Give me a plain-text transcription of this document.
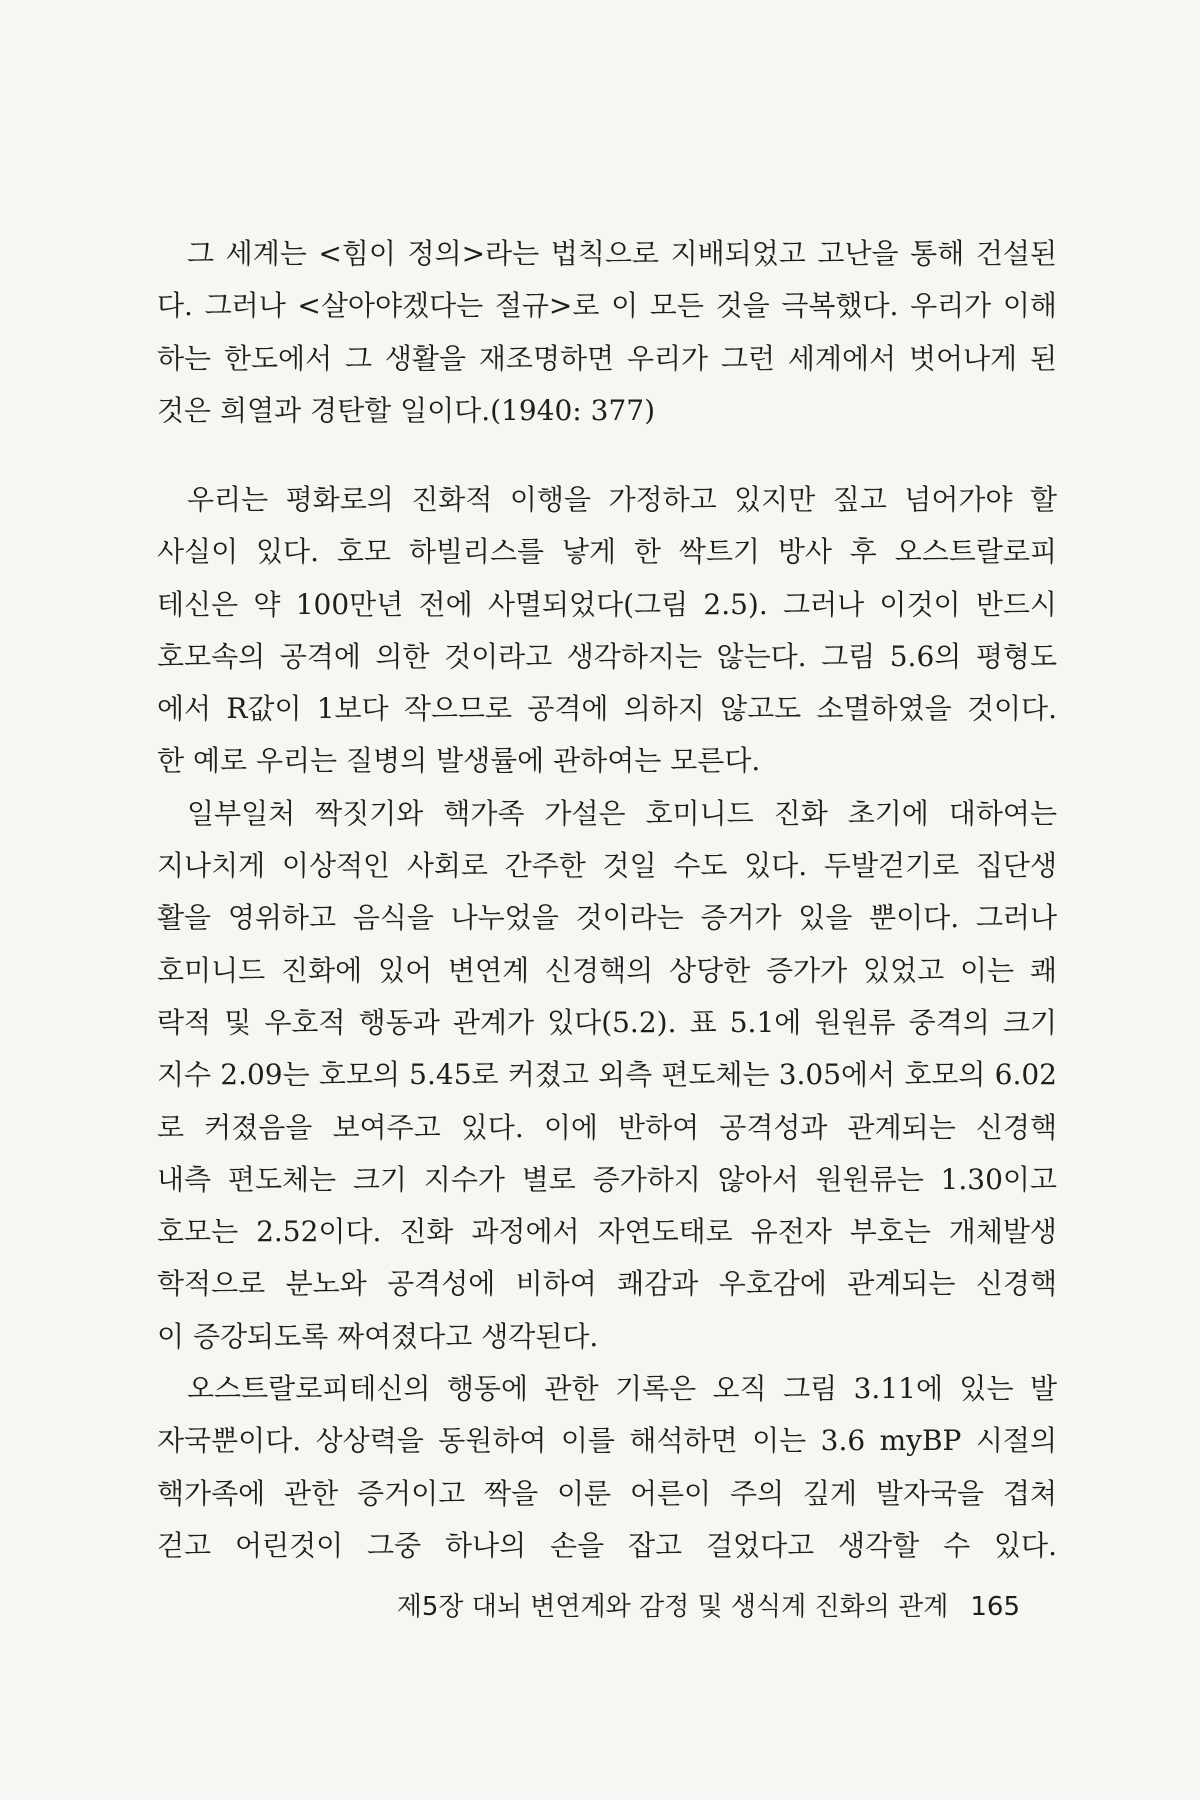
그 세계는 <힘이 정의>라는 법칙으로 지배되었고 고난을 통해 건설된
다. 그러나 <살아야겠다는 절규>로 이 모든 것을 극복했다. 우리가 이해
하는 한도에서 그 생활을 재조명하면 우리가 그런 세계에서 벗어나게 된
것은 희열과 경탄할 일이다.(1940: 377)
우리는 평화로의 진화적 이행을 가정하고 있지만 짚고 넘어가야 할
사실이 있다. 호모 하빌리스를 낳게 한 싹트기 방사 후 오스트랄로피
테신은 약 100만년 전에 사멸되었다(그림 2.5). 그러나 이것이 반드시
호모속의 공격에 의한 것이라고 생각하지는 않는다. 그림 5.6의 평형도
에서 R값이 1보다 작으므로 공격에 의하지 않고도 소멸하였을 것이다.
한 예로 우리는 질병의 발생률에 관하여는 모른다.
일부일처 짝짓기와 핵가족 가설은 호미니드 진화 초기에 대하여는
지나치게 이상적인 사회로 간주한 것일 수도 있다. 두발걷기로 집단생
활을 영위하고 음식을 나누었을 것이라는 증거가 있을 뿐이다. 그러나
호미니드 진화에 있어 변연계 신경핵의 상당한 증가가 있었고 이는 쾌
락적 및 우호적 행동과 관계가 있다(5.2). 표 5.1에 원원류 중격의 크기
지수 2.09는 호모의 5.45로 커졌고 외측 편도체는 3.05에서 호모의 6.02
로 커졌음을 보여주고 있다. 이에 반하여 공격성과 관계되는 신경핵
내측 편도체는 크기 지수가 별로 증가하지 않아서 원원류는 1.30이고
호모는 2.52이다. 진화 과정에서 자연도태로 유전자 부호는 개체발생
학적으로 분노와 공격성에 비하여 쾌감과 우호감에 관계되는 신경핵
이 증강되도록 짜여졌다고 생각된다.
오스트랄로피테신의 행동에 관한 기록은 오직 그림 3.11에 있는 발
자국뿐이다. 상상력을 동원하여 이를 해석하면 이는 3.6 myBP 시절의
핵가족에 관한 증거이고 짝을 이룬 어른이 주의 깊게 발자국을 겹쳐
걷고 어린것이 그중 하나의 손을 잡고 걸었다고 생각할 수 있다.
제5장 대뇌 변연계와 감정 및 생식계 진화의 관계 165
